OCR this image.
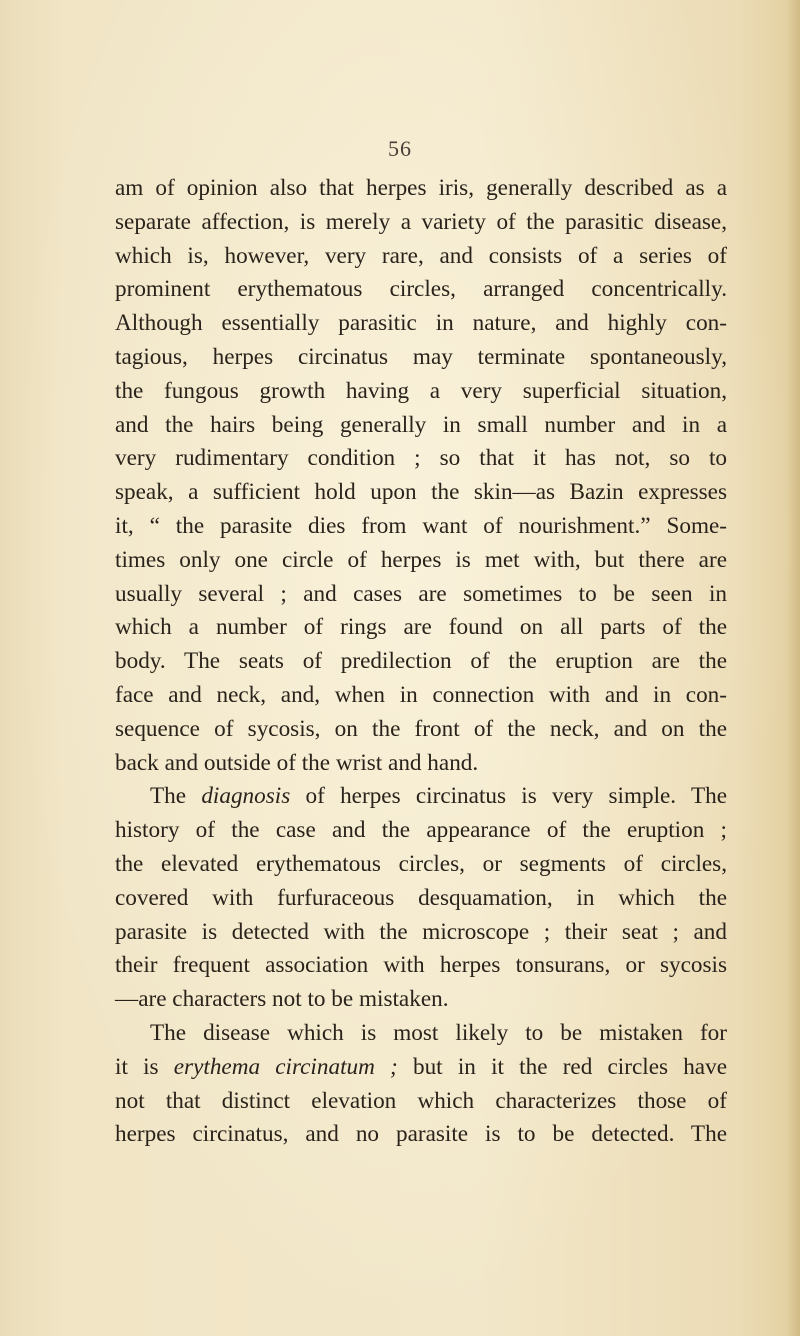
56
am of opinion also that herpes iris, generally described as a
separate affection, is merely a variety of the parasitic disease,
which is, however, very rare, and consists of a series of
prominent erythematous circles, arranged concentrically.
Although essentially parasitic in nature, and highly con-
tagious, herpes circinatus may terminate spontaneously,
the fungous growth having a very superficial situation,
and the hairs being generally in small number and in a
very rudimentary condition ; so that it has not, so to
speak, a sufficient hold upon the skin—as Bazin expresses
it, “ the parasite dies from want of nourishment.” Some-
times only one circle of herpes is met with, but there are
usually several ; and cases are sometimes to be seen in
which a number of rings are found on all parts of the
body. The seats of predilection of the eruption are the
face and neck, and, when in connection with and in con-
sequence of sycosis, on the front of the neck, and on the
back and outside of the wrist and hand.
The diagnosis of herpes circinatus is very simple. The
history of the case and the appearance of the eruption ;
the elevated erythematous circles, or segments of circles,
covered with furfuraceous desquamation, in which the
parasite is detected with the microscope ; their seat ; and
their frequent association with herpes tonsurans, or sycosis
—are characters not to be mistaken.
The disease which is most likely to be mistaken for
it is erythema circinatum ; but in it the red circles have
not that distinct elevation which characterizes those of
herpes circinatus, and no parasite is to be detected. The
